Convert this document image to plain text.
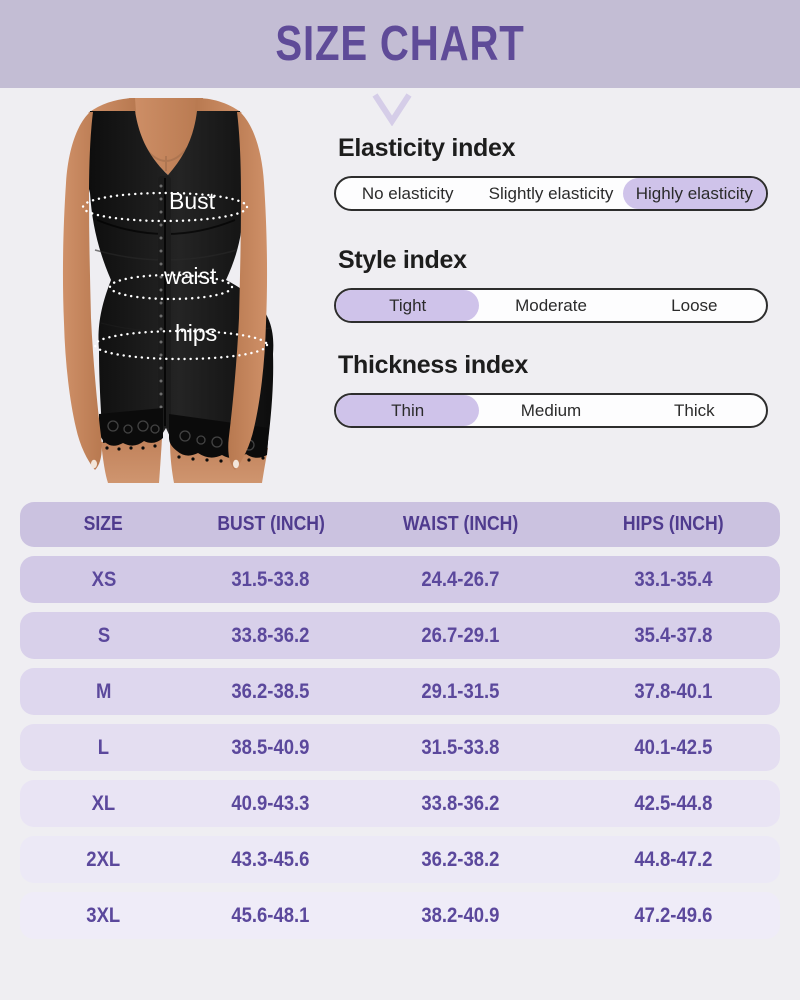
SIZE CHART
Bust
waist
hips
Elasticity index
No elasticity	Slightly elasticity	Highly elasticity
Style index
Tight	Moderate	Loose
Thickness index
Thin	Medium	Thick
SIZE	BUST (INCH)	WAIST (INCH)	HIPS (INCH)
XS	31.5-33.8	24.4-26.7	33.1-35.4
S	33.8-36.2	26.7-29.1	35.4-37.8
M	36.2-38.5	29.1-31.5	37.8-40.1
L	38.5-40.9	31.5-33.8	40.1-42.5
XL	40.9-43.3	33.8-36.2	42.5-44.8
2XL	43.3-45.6	36.2-38.2	44.8-47.2
3XL	45.6-48.1	38.2-40.9	47.2-49.6
